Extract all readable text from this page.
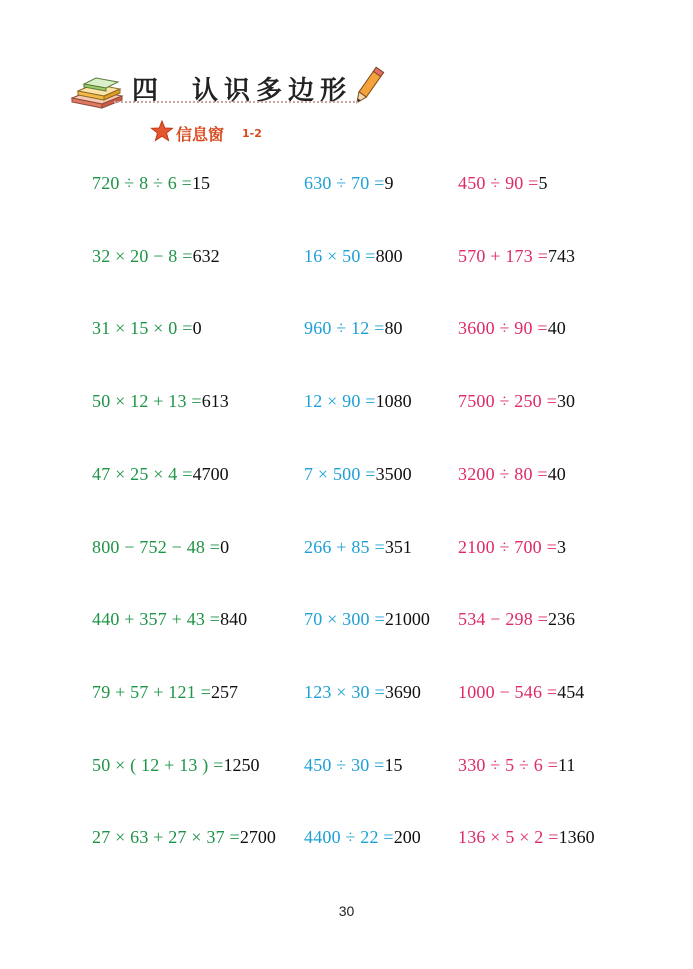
四 认识多边形
信息窗 1-2
720 ÷ 8 ÷ 6 =15
32 × 20 − 8 =632
31 × 15 × 0 =0
50 × 12 + 13 =613
47 × 25 × 4 =4700
800 − 752 − 48 =0
440 + 357 + 43 =840
79 + 57 + 121 =257
50 × ( 12 + 13 ) =1250
27 × 63 + 27 × 37 =2700
630 ÷ 70 =9
16 × 50 =800
960 ÷ 12 =80
12 × 90 =1080
7 × 500 =3500
266 + 85 =351
70 × 300 =21000
123 × 30 =3690
450 ÷ 30 =15
4400 ÷ 22 =200
450 ÷ 90 =5
570 + 173 =743
3600 ÷ 90 =40
7500 ÷ 250 =30
3200 ÷ 80 =40
2100 ÷ 700 =3
534 − 298 =236
1000 − 546 =454
330 ÷ 5 ÷ 6 =11
136 × 5 × 2 =1360
30
